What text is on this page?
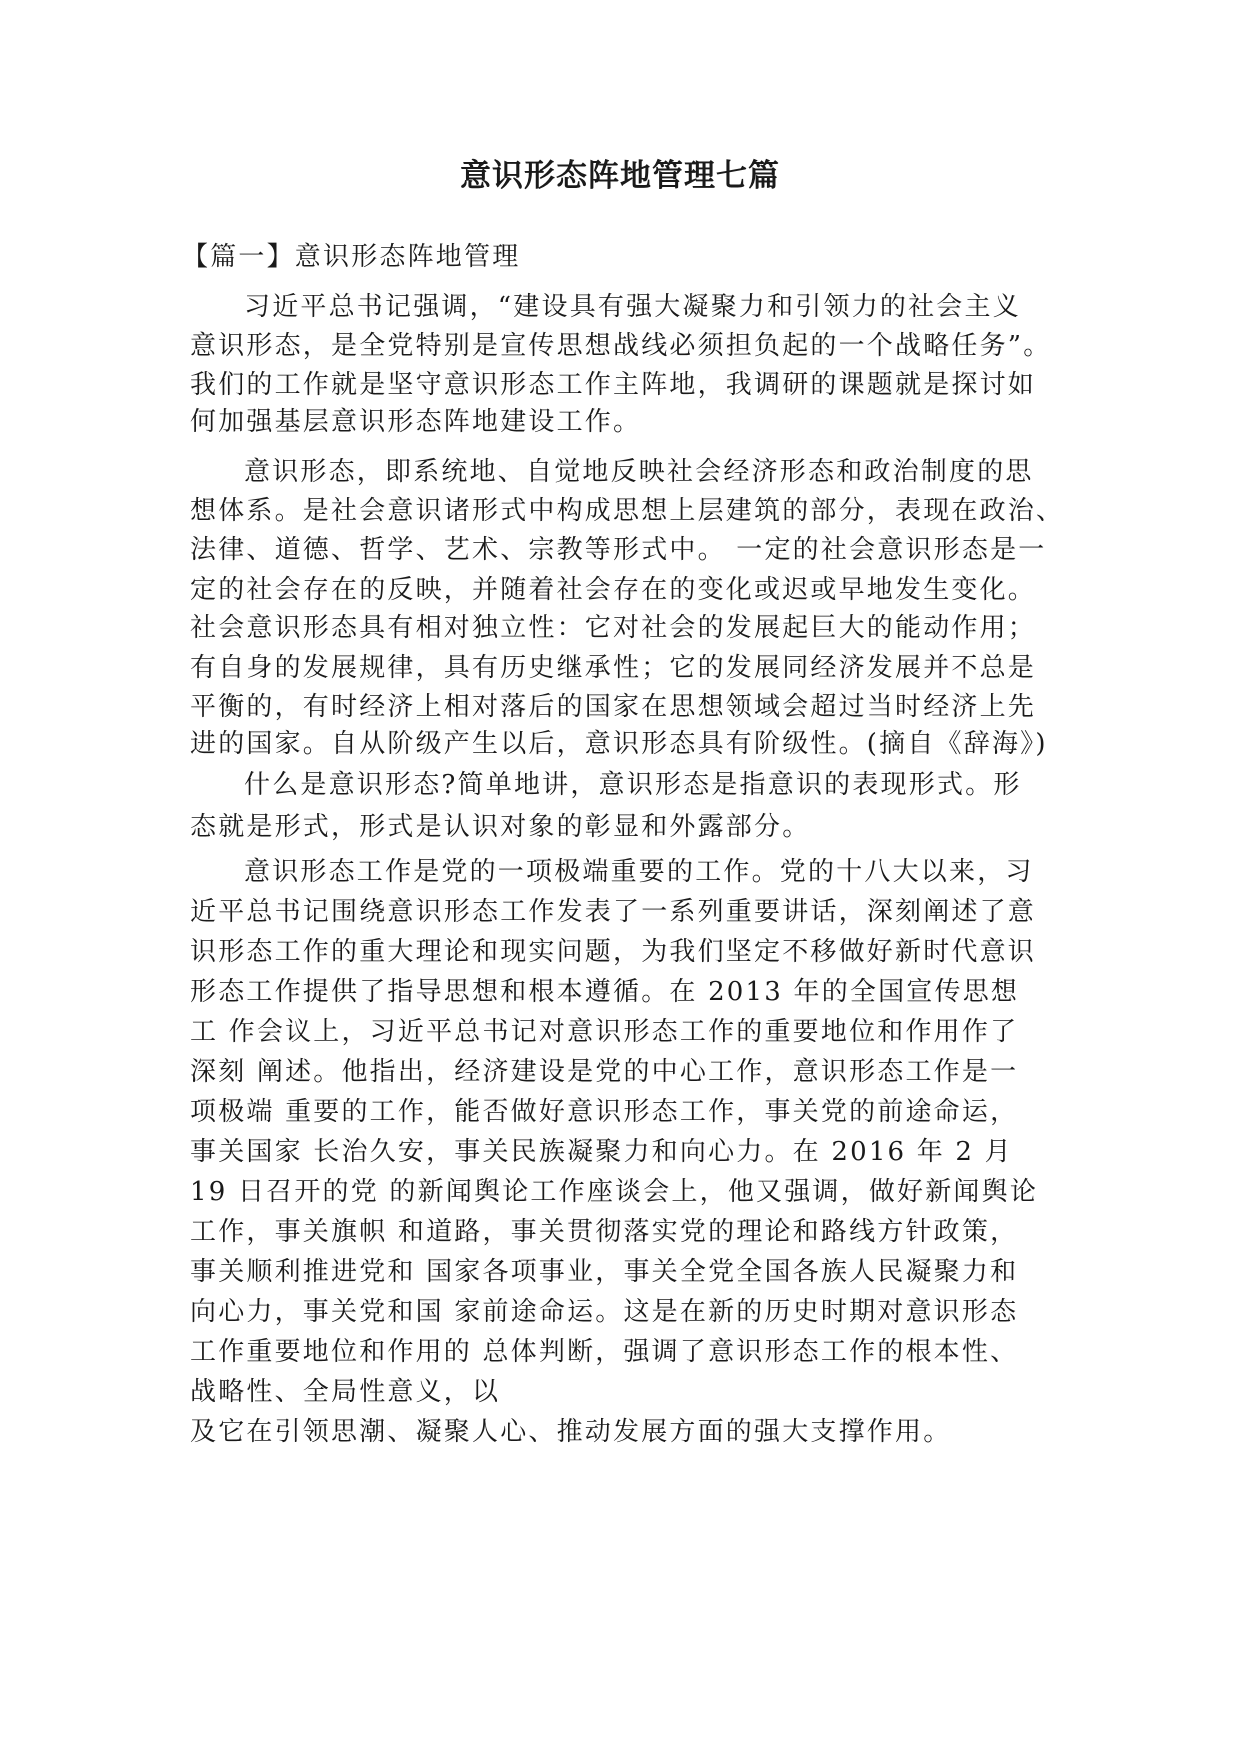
意识形态阵地管理七篇
【篇一】意识形态阵地管理
习近平总书记强调，“建设具有强大凝聚力和引领力的社会主义
意识形态，是全党特别是宣传思想战线必须担负起的一个战略任务”。
我们的工作就是坚守意识形态工作主阵地，我调研的课题就是探讨如
何加强基层意识形态阵地建设工作。
意识形态，即系统地、自觉地反映社会经济形态和政治制度的思
想体系。是社会意识诸形式中构成思想上层建筑的部分，表现在政治、
法律、道德、哲学、艺术、宗教等形式中。 一定的社会意识形态是一
定的社会存在的反映，并随着社会存在的变化或迟或早地发生变化。
社会意识形态具有相对独立性：它对社会的发展起巨大的能动作用；
有自身的发展规律，具有历史继承性；它的发展同经济发展并不总是
平衡的，有时经济上相对落后的国家在思想领域会超过当时经济上先
进的国家。自从阶级产生以后，意识形态具有阶级性。(摘自《辞海》)
什么是意识形态?简单地讲，意识形态是指意识的表现形式。形
态就是形式，形式是认识对象的彰显和外露部分。
意识形态工作是党的一项极端重要的工作。党的十八大以来，习
近平总书记围绕意识形态工作发表了一系列重要讲话，深刻阐述了意
识形态工作的重大理论和现实问题，为我们坚定不移做好新时代意识
形态工作提供了指导思想和根本遵循。在 2013 年的全国宣传思想
工 作会议上，习近平总书记对意识形态工作的重要地位和作用作了
深刻 阐述。他指出，经济建设是党的中心工作，意识形态工作是一
项极端 重要的工作，能否做好意识形态工作，事关党的前途命运，
事关国家 长治久安，事关民族凝聚力和向心力。在 2016 年 2 月
19 日召开的党 的新闻舆论工作座谈会上，他又强调，做好新闻舆论
工作，事关旗帜 和道路，事关贯彻落实党的理论和路线方针政策，
事关顺利推进党和 国家各项事业，事关全党全国各族人民凝聚力和
向心力，事关党和国 家前途命运。这是在新的历史时期对意识形态
工作重要地位和作用的 总体判断，强调了意识形态工作的根本性、
战略性、全局性意义，以
及它在引领思潮、凝聚人心、推动发展方面的强大支撑作用。
